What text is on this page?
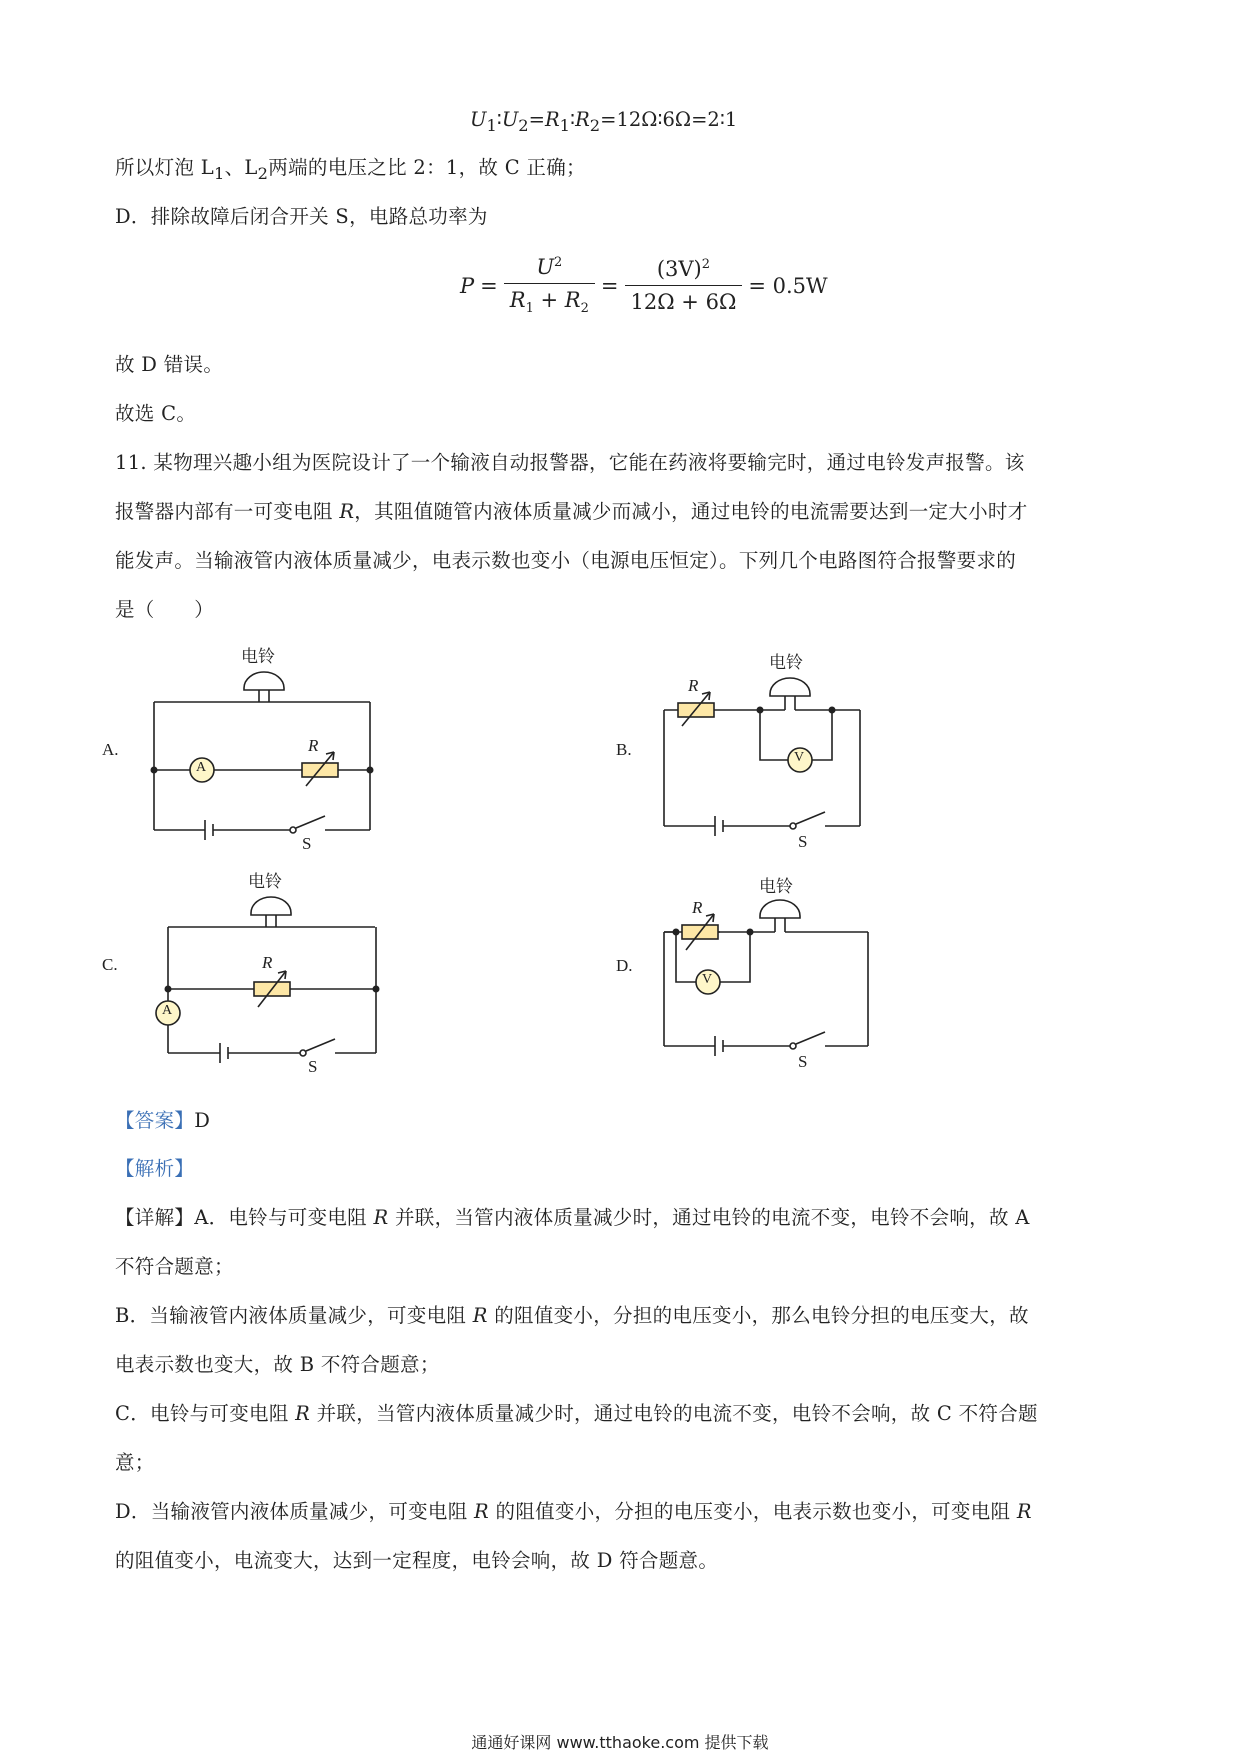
$U_1∶U_2=R_1∶R_2=12\Omega∶6\Omega=2∶1$
所以灯泡 $L_1$、$L_2$两端的电压之比 2：1，故 C 正确；
D．排除故障后闭合开关 S，电路总功率为
$P = \frac{U^2}{R_1 + R_2} = \frac{(3V)^2}{12\Omega + 6\Omega} = 0.5W$
故 D 错误。
故选 C。
11. 某物理兴趣小组为医院设计了一个输液自动报警器，它能在药液将要输完时，通过电铃发声报警。该
报警器内部有一可变电阻 R，其阻值随管内液体质量减少而减小，通过电铃的电流需要达到一定大小时才
能发声。当输液管内液体质量减少，电表示数也变小（电源电压恒定）。下列几个电路图符合报警要求的
是（　　）
A.
电铃
A
R
S
B.
电铃
V
R
S
C.
电铃
A
R
S
D.
电铃
V
R
S
【答案】D
【解析】
【详解】A．电铃与可变电阻 R 并联，当管内液体质量减少时，通过电铃的电流不变，电铃不会响，故 A
不符合题意；
B．当输液管内液体质量减少，可变电阻 R 的阻值变小，分担的电压变小，那么电铃分担的电压变大，故
电表示数也变大，故 B 不符合题意；
C．电铃与可变电阻 R 并联，当管内液体质量减少时，通过电铃的电流不变，电铃不会响，故 C 不符合题
意；
D．当输液管内液体质量减少，可变电阻 R 的阻值变小，分担的电压变小，电表示数也变小，可变电阻 R
的阻值变小，电流变大，达到一定程度，电铃会响，故 D 符合题意。
通通好课网 www.tthaoke.com 提供下载
